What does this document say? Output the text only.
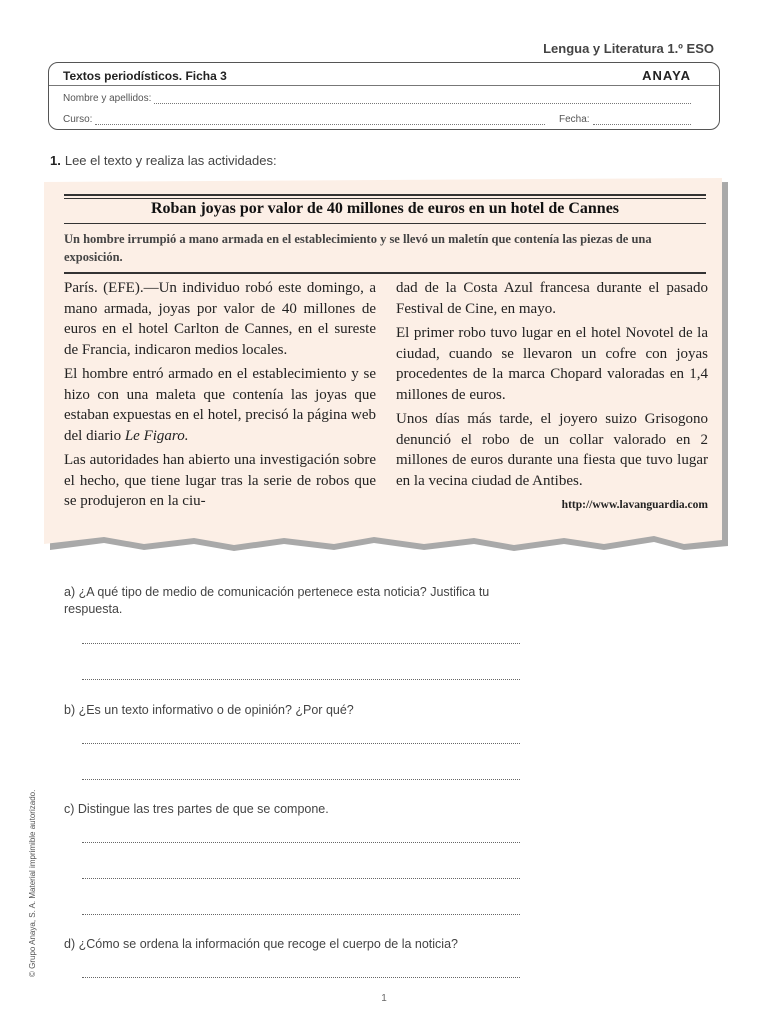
Lengua y Literatura 1.º ESO
Textos periodísticos. Ficha 3	ANAYA
Nombre y apellidos:
Curso:	Fecha:
1. Lee el texto y realiza las actividades:
Roban joyas por valor de 40 millones de euros en un hotel de Cannes
Un hombre irrumpió a mano armada en el establecimiento y se llevó un maletín que contenía las piezas de una exposición.

París. (EFE).—Un individuo robó este domingo, a mano armada, joyas por valor de 40 millones de euros en el hotel Carlton de Cannes, en el sureste de Francia, indicaron medios locales.

El hombre entró armado en el establecimiento y se hizo con una maleta que contenía las joyas que estaban expuestas en el hotel, precisó la página web del diario Le Figaro.

Las autoridades han abierto una investigación sobre el hecho, que tiene lugar tras la serie de robos que se produjeron en la ciu-

dad de la Costa Azul francesa durante el pasado Festival de Cine, en mayo.

El primer robo tuvo lugar en el hotel Novotel de la ciudad, cuando se llevaron un cofre con joyas procedentes de la marca Chopard valoradas en 1,4 millones de euros.

Unos días más tarde, el joyero suizo Grisogono denunció el robo de un collar valorado en 2 millones de euros durante una fiesta que tuvo lugar en la vecina ciudad de Antibes.

http://www.lavanguardia.com
a) ¿A qué tipo de medio de comunicación pertenece esta noticia? Justifica tu respuesta.
b) ¿Es un texto informativo o de opinión? ¿Por qué?
c) Distingue las tres partes de que se compone.
d) ¿Cómo se ordena la información que recoge el cuerpo de la noticia?
© Grupo Anaya, S. A. Material imprimible autorizado.
1
